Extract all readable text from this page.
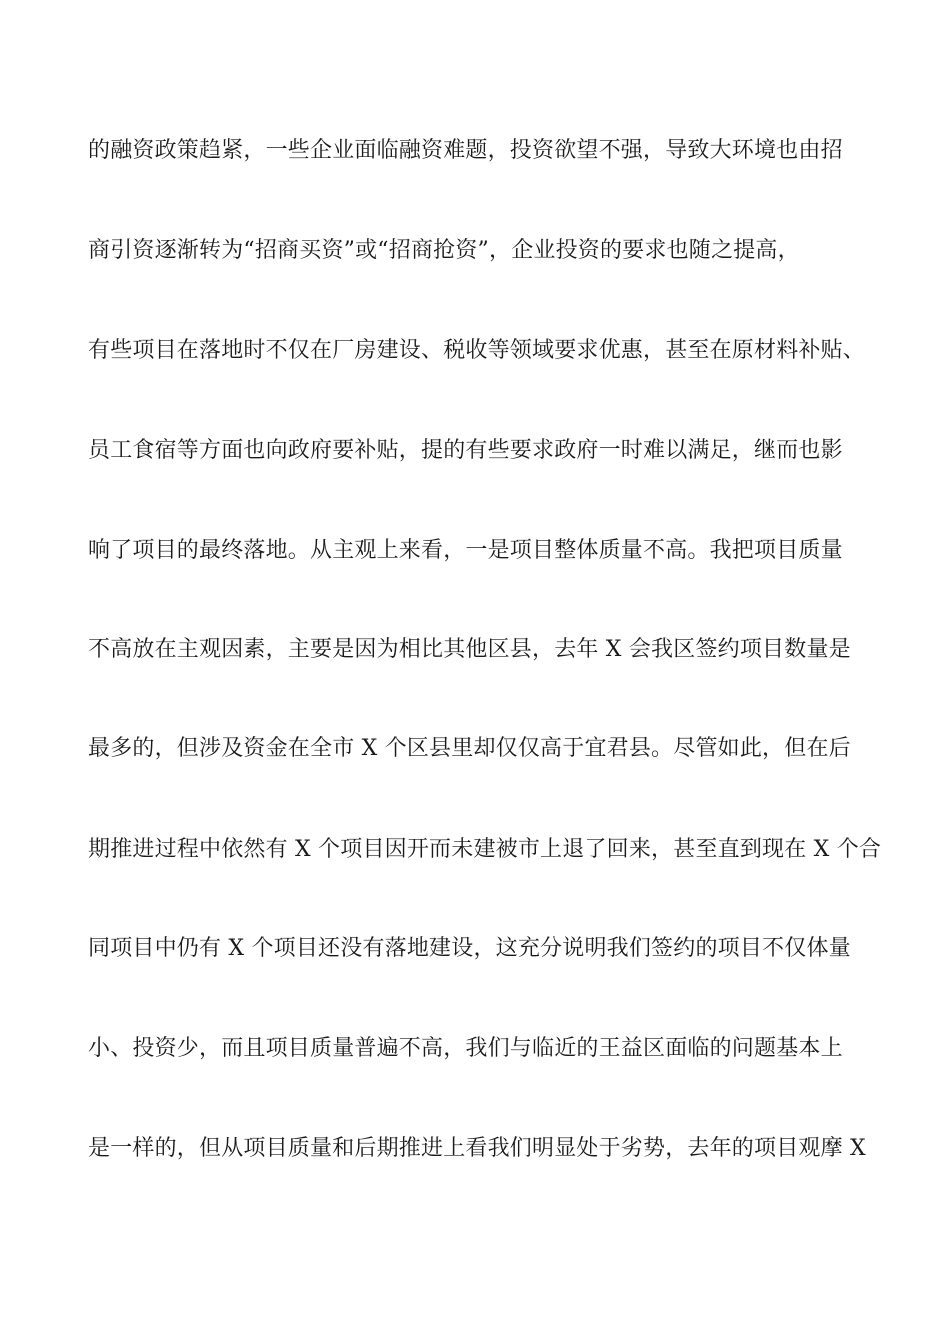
的融资政策趋紧，一些企业面临融资难题，投资欲望不强，导致大环境也由招
商引资逐渐转为“招商买资”或“招商抢资”，企业投资的要求也随之提高，
有些项目在落地时不仅在厂房建设、税收等领域要求优惠，甚至在原材料补贴、
员工食宿等方面也向政府要补贴，提的有些要求政府一时难以满足，继而也影
响了项目的最终落地。从主观上来看，一是项目整体质量不高。我把项目质量
不高放在主观因素，主要是因为相比其他区县，去年 X 会我区签约项目数量是
最多的，但涉及资金在全市 X 个区县里却仅仅高于宜君县。尽管如此，但在后
期推进过程中依然有 X 个项目因开而未建被市上退了回来，甚至直到现在 X 个合
同项目中仍有 X 个项目还没有落地建设，这充分说明我们签约的项目不仅体量
小、投资少，而且项目质量普遍不高，我们与临近的王益区面临的问题基本上
是一样的，但从项目质量和后期推进上看我们明显处于劣势，去年的项目观摩 X
